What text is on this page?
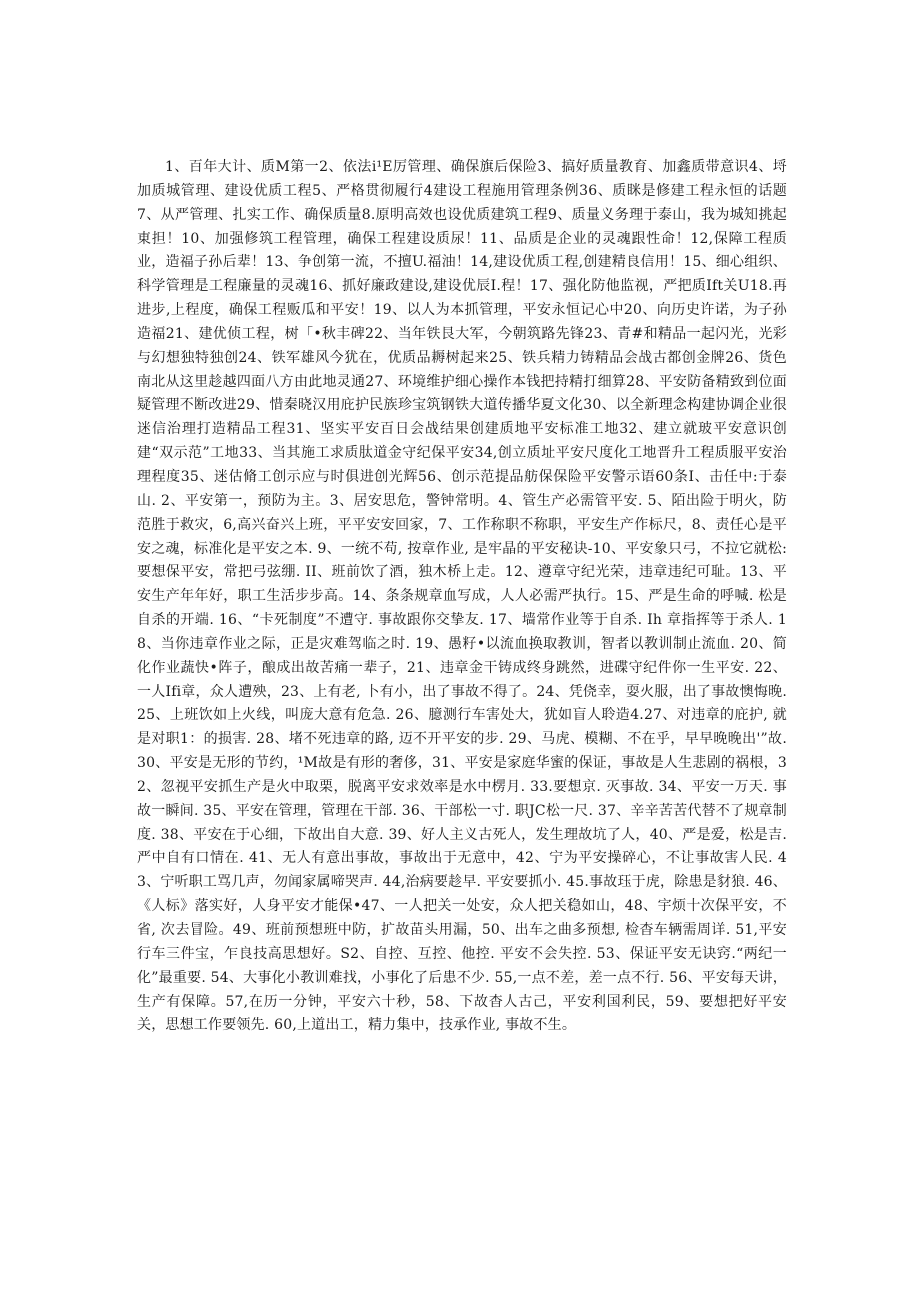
1、百年大计、质M第一2、依法i¹E厉管理、确保旗后保险3、搞好质量教育、加鑫质带意识4、埒加质城管理、建设优质工程5、严格贯彻履行4建设工程施用管理条例36、质眯是修建工程永恒的话题7、从严管理、扎实工作、确保质量8.原明高效也设优质建筑工程9、质量义务理于泰山，我为城知挑起東担！10、加强修筑工程管理，确保工程建设质尿！11、品质是企业的灵魂跟性命！12,保障工程质业，造福子孙后辈！13、争创第一流，不擅U.福油！14,建设优质工程,创建精良信用！15、细心组织、科学管理是工程廉量的灵魂16、抓好廉政建设,建设优辰I.程！17、强化防他监视，严把质Ift关U18.再进步,上程度，确保工程贩瓜和平安！19、以人为本抓管理，平安永恒记心中20、向历史许诺，为子孙造福21、建优侦工程，树「•秋丰碑22、当年铁艮大军，今朝筑路先锋23、青#和精品一起闪光，光彩与幻想独特独创24、铁军雄风今犹在，优质品耨树起来25、铁兵精力铸精品会战古都创金牌26、货色南北从这里趁越四面八方由此地灵通27、环境维护细心操作本钱把持精打细算28、平安防备精致到位面疑管理不断改进29、惜秦晓汉用庇护民族珍宝筑钢铁大道传播华夏文化30、以全新理念构建协调企业很迷信治理打造精品工程31、坚实平安百日会战结果创建质地平安标准工地32、建立就玻平安意识创建“双示范”工地33、当其施工求质肽道金守纪保平安34,创立质址平安尺度化工地晋升工程质服平安治理程度35、迷估脩工创示应与时俱进创光辉56、创示范提品舫保保险平安警示语60条I、击任中:于泰山. 2、平安第一，预防为主。3、居安思危，警钟常明。4、管生产必需管平安. 5、陌出险于明火，防范胜于救灾，6,高兴奋兴上班，平平安安回家，7、工作称职不称职，平安生产作标尺，8、责任心是平安之魂，标准化是平安之本. 9、一统不苟, 按章作业, 是牢晶的平安秘诀-10、平安象只弓，不拉它就松: 要想保平安，常把弓弦绷. II、班前饮了酒，独木桥上走。12、遵章守纪光荣，违章违纪可耻。13、平安生产年年好，职工生活步步高。14、条条规章血写成，人人必需严执行。15、严是生命的呼喊. 松是自杀的开端. 16、“卡死制度”不遭守. 事故跟你交挚友. 17、墙常作业等于自杀. Ih 章指挥等于杀人. 18、当你违章作业之际，正是灾难驾临之时. 19、愚籽•以流血换取教训，智者以教训制止流血. 20、简化作业蔬快•阵子，酿成出故苦痛一辈子，21、违章金干铸成终身跳然，进碟守纪件你一生平安. 22、一人Ifi章，众人遭殃，23、上有老, 卜有小，出了事故不得了。24、凭侥幸，耍火服，出了事故懊悔晚. 25、上班饮如上火线，叫庞大意有危急. 26、臆测行车害处大，犹如盲人聆造4.27、对违章的庇护, 就是对职1：的损害. 28、堵不死违章的路, 迈不开平安的步. 29、马虎、模糊、不在乎，早早晚晚出'”故. 30、平安是无形的节约，¹M故是有形的奢侈，31、平安是家庭华蜜的保证，事故是人生悲剧的祸根，32、忽视平安抓生产是火中取栗，脱离平安求效率是水中楞月. 33.要想京. 灭事故. 34、平安一万天. 事故一瞬间. 35、平安在管理，管理在干部. 36、干部松一寸. 职JC松一尺. 37、辛辛苦苦代替不了规章制度. 38、平安在于心细，下故出自大意. 39、好人主义古死人，发生理故坑了人，40、严是爱，松是吉. 严中自有口情在. 41、无人有意出事故，事故出于无意中，42、宁为平安操碎心，不让事故害人民. 43、宁听职工骂几声，勿闻家属啼哭声. 44,治病要趁早. 平安要抓小. 45.事故珏于虎，除患是豺狼. 46、《人标》落实好，人身平安才能保•47、一人把关一处安，众人把关稳如山，48、宇烦十次保平安，不省, 次去冒险。49、班前预想班中防，扩故苗头用漏，50、出车之曲多预想, 检杳车辆需周详. 51,平安行车三件宝，乍良技高思想好。S2、自控、互控、他控. 平安不会失控. 53、保证平安无诀窍.“两纪一化”最重要. 54、大事化小教训难找，小事化了后患不少. 55,一点不差，差一点不行. 56、平安每天讲，生产有保障。57,在历一分钟，平安六十秒，58、下故杳人古己，平安利国利民，59、要想把好平安关，思想工作要领先. 60,上道出工，精力集中，技承作业, 事故不生。
